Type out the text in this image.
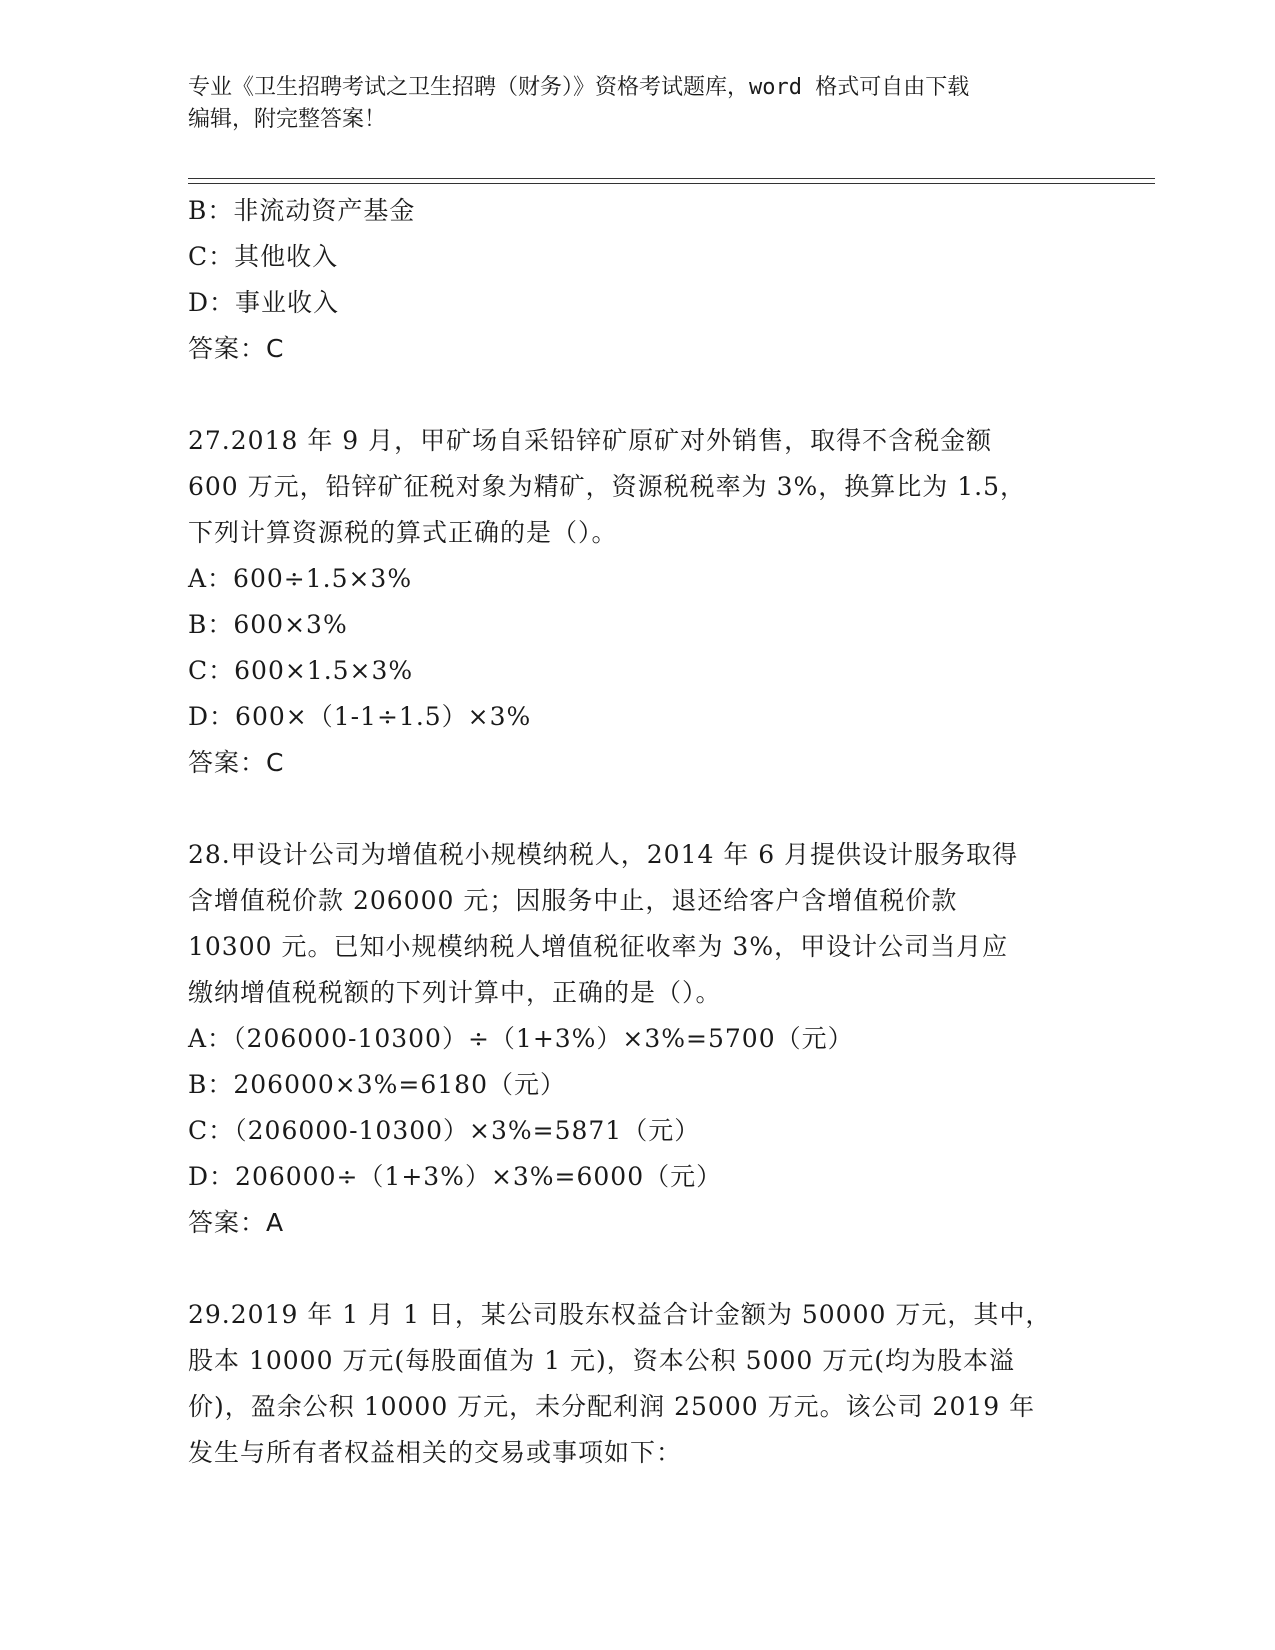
专业《卫生招聘考试之卫生招聘（财务）》资格考试题库，word 格式可自由下载
编辑，附完整答案！
B：非流动资产基金
C：其他收入
D：事业收入
答案：C
27.2018 年 9 月，甲矿场自采铅锌矿原矿对外销售，取得不含税金额
600 万元，铅锌矿征税对象为精矿，资源税税率为 3%，换算比为 1.5，
下列计算资源税的算式正确的是（）。
A：600÷1.5×3%
B：600×3%
C：600×1.5×3%
D：600×（1-1÷1.5）×3%
答案：C
28.甲设计公司为增值税小规模纳税人，2014 年 6 月提供设计服务取得
含增值税价款 206000 元；因服务中止，退还给客户含增值税价款
10300 元。已知小规模纳税人增值税征收率为 3%，甲设计公司当月应
缴纳增值税税额的下列计算中，正确的是（）。
A：（206000-10300）÷（1+3%）×3%=5700（元）
B：206000×3%=6180（元）
C：（206000-10300）×3%=5871（元）
D：206000÷（1+3%）×3%=6000（元）
答案：A
29.2019 年 1 月 1 日，某公司股东权益合计金额为 50000 万元，其中，
股本 10000 万元(每股面值为 1 元)，资本公积 5000 万元(均为股本溢
价)，盈余公积 10000 万元，未分配利润 25000 万元。该公司 2019 年
发生与所有者权益相关的交易或事项如下：
